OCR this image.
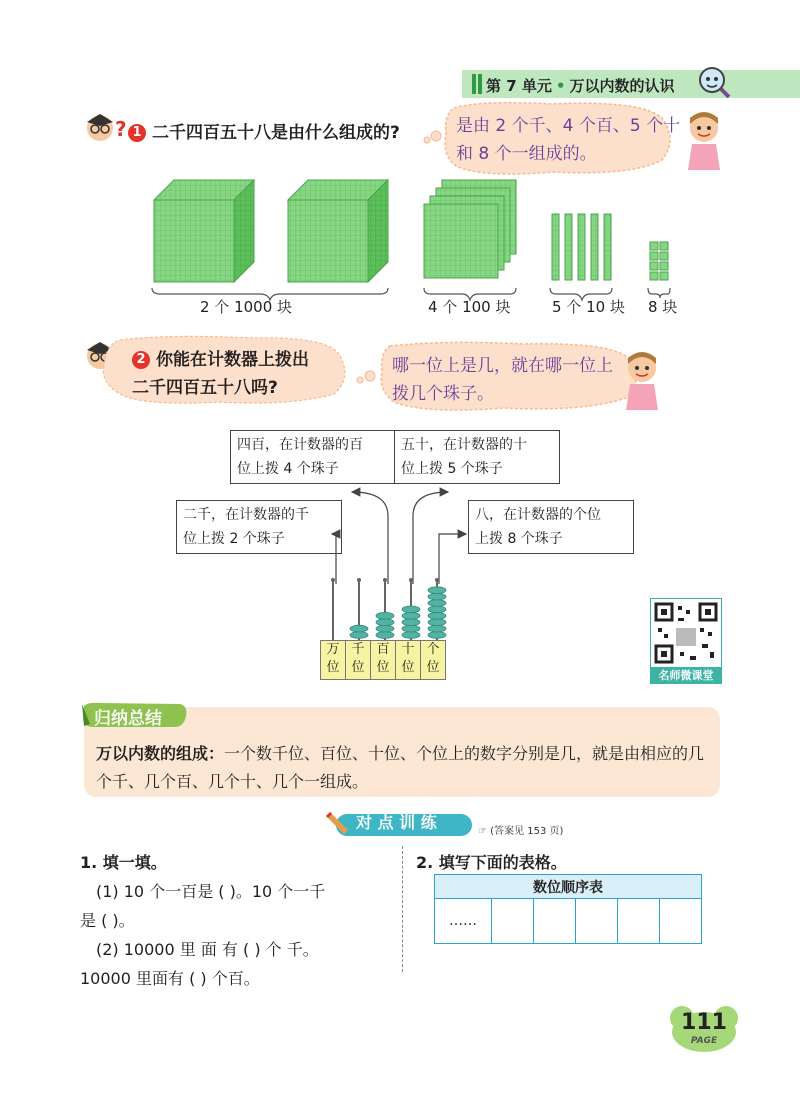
第 7 单元 • 万以内数的认识
? 1 二千四百五十八是由什么组成的?	是由 2 个千、4 个百、5 个十
和 8 个一组成的。
2 个 1000 块	4 个 100 块	5 个 10 块 8 块
2 你能在计数器上拨出
二千四百五十八吗?
哪一位上是几，就在哪一位上
拨几个珠子。
四百，在计数器的百
位上拨 4 个珠子
五十，在计数器的十
位上拨 5 个珠子
二千，在计数器的千
位上拨 2 个珠子
八，在计数器的个位
上拨 8 个珠子
万
位
千
位
百
位
十
位
个
位
名师微课堂
归纳总结
万以内数的组成：一个数千位、百位、十位、个位上的数字分别是几，就是由相应的几个千、几个百、几个十、几个一组成。
对 点 训 练	☞ (答案见 153 页)
1. 填一填。
(1) 10 个一百是 ( )。10 个一千
是 ( )。
(2) 10000 里 面 有 ( ) 个 千。
10000 里面有 ( ) 个百。
2. 填写下面的表格。
数位顺序表
……					
111
PAGE
